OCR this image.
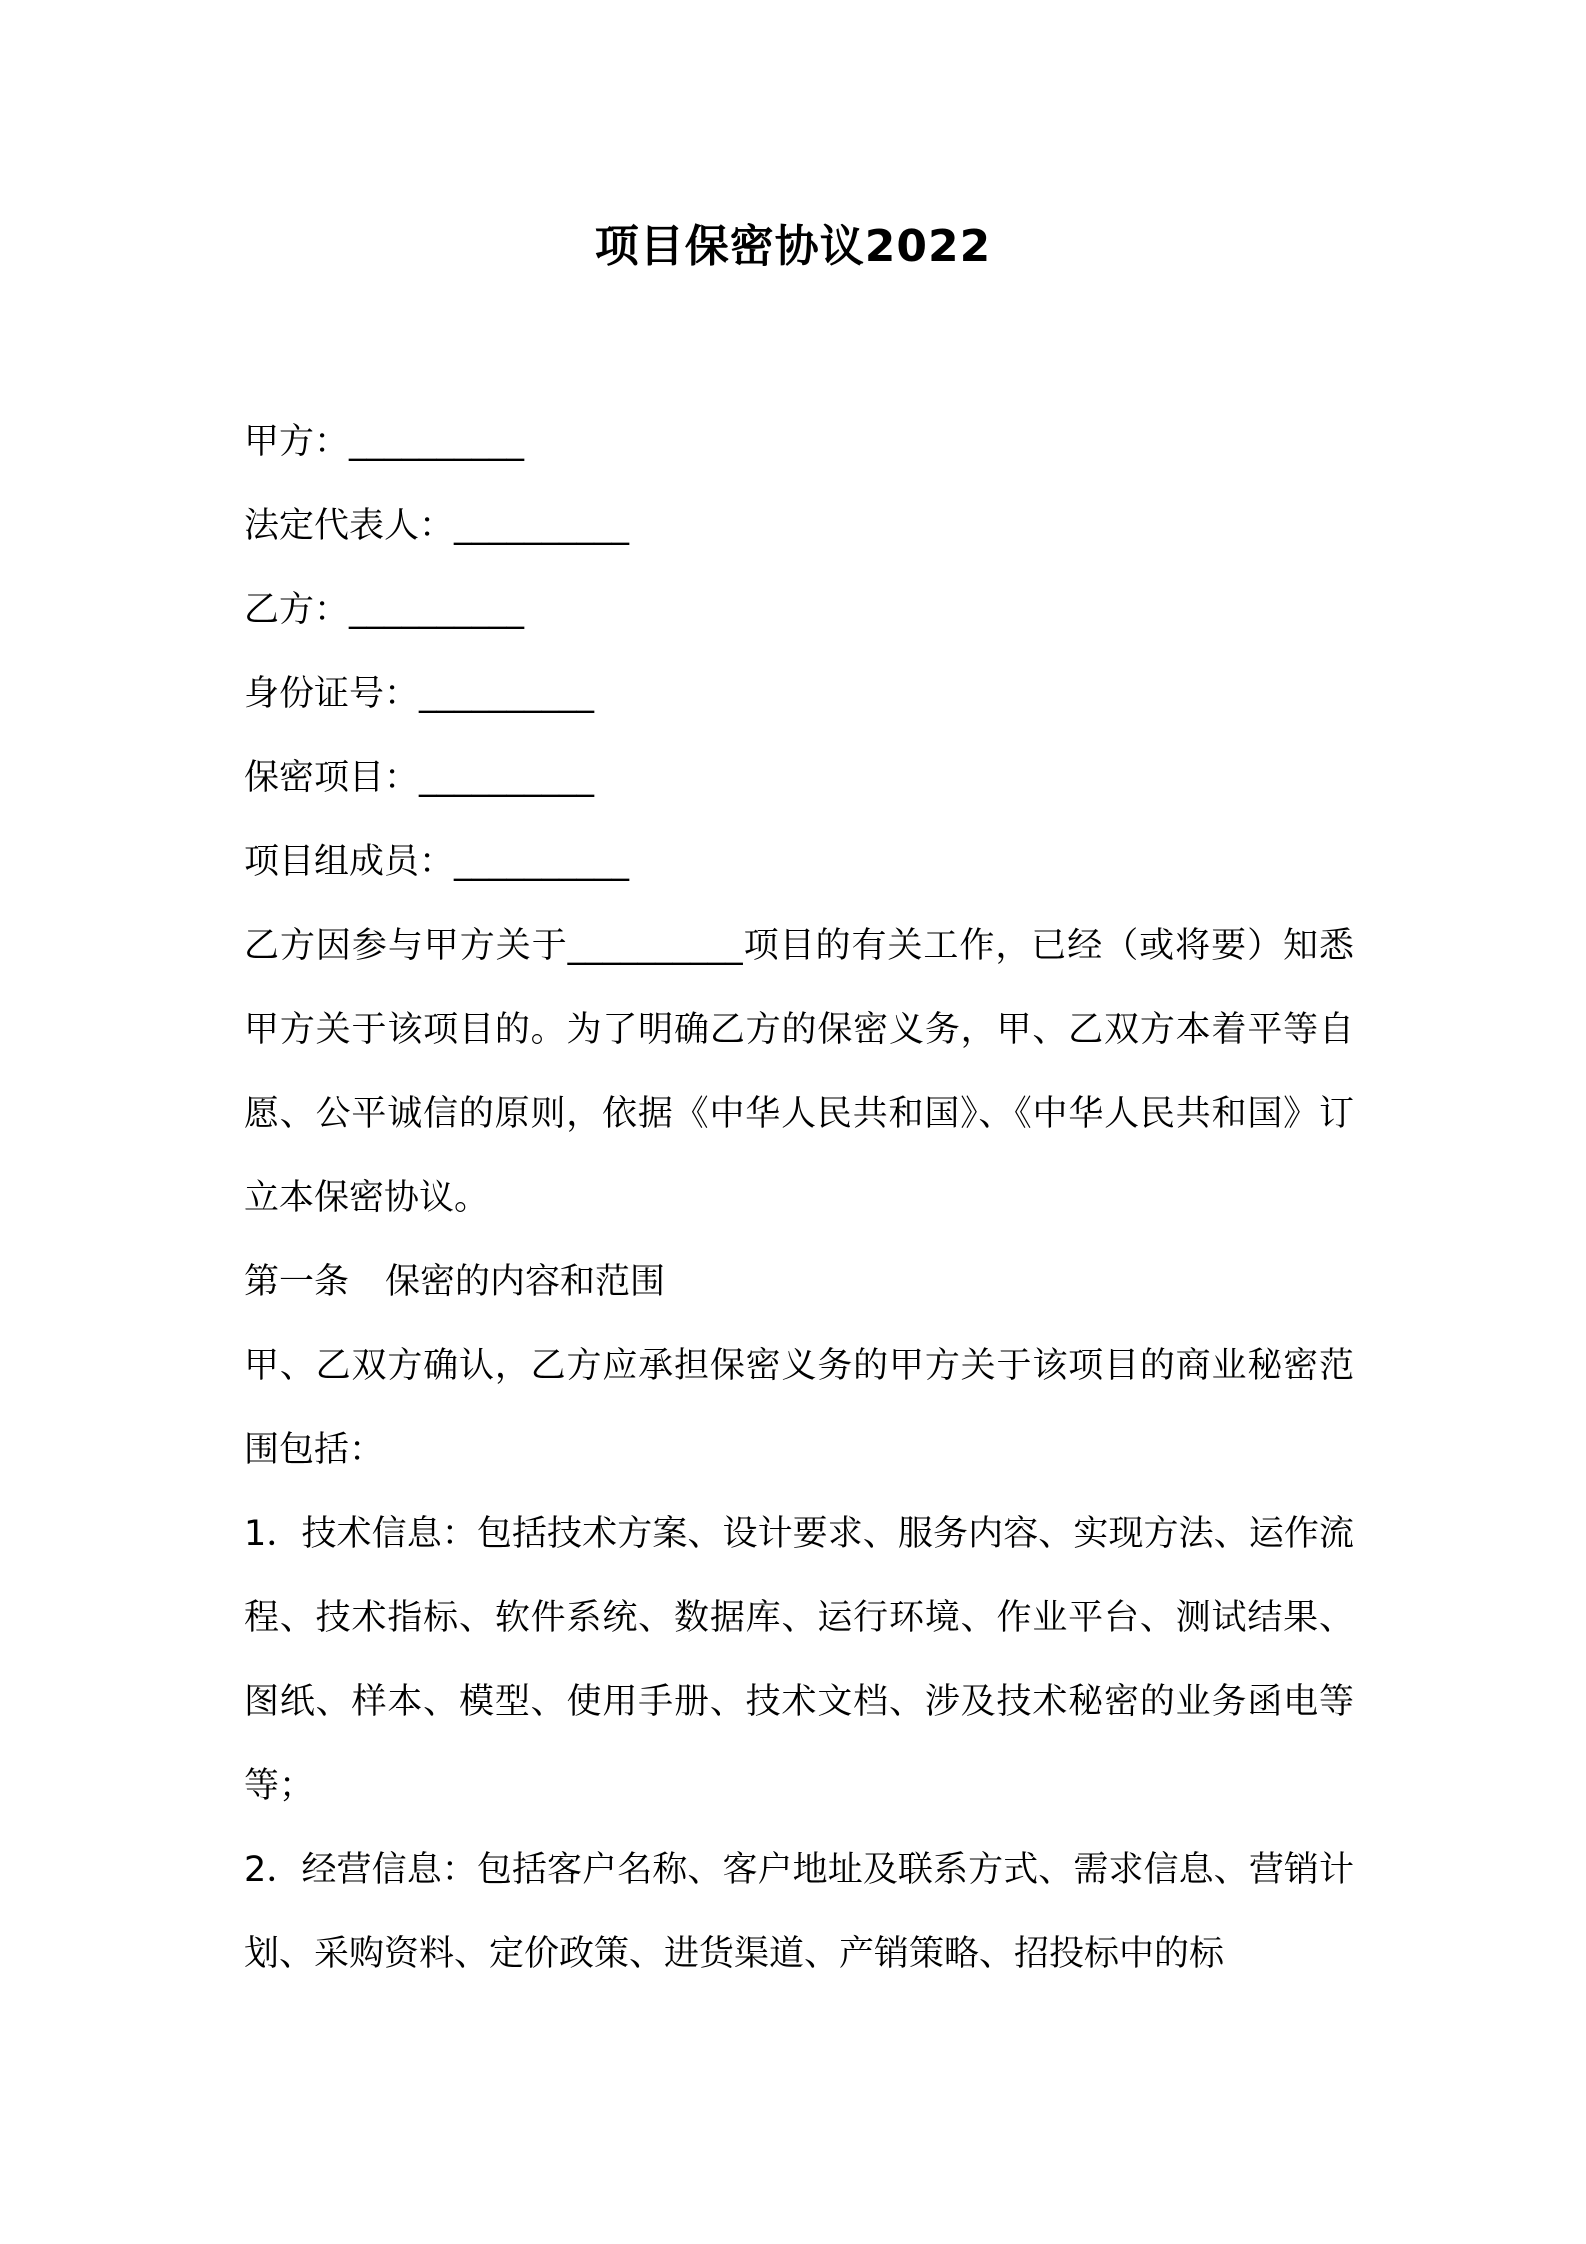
项目保密协议2022
甲方：__________
法定代表人：__________
乙方：__________
身份证号：__________
保密项目：__________
项目组成员：__________

乙方因参与甲方关于__________项目的有关工作，已经（或将要）知悉甲方关于该项目的。为了明确乙方的保密义务，甲、乙双方本着平等自愿、公平诚信的原则，依据《中华人民共和国》、《中华人民共和国》订立本保密协议。

第一条 保密的内容和范围

甲、乙双方确认，乙方应承担保密义务的甲方关于该项目的商业秘密范围包括：

1．技术信息：包括技术方案、设计要求、服务内容、实现方法、运作流程、技术指标、软件系统、数据库、运行环境、作业平台、测试结果、图纸、样本、模型、使用手册、技术文档、涉及技术秘密的业务函电等等；

2．经营信息：包括客户名称、客户地址及联系方式、需求信息、营销计划、采购资料、定价政策、进货渠道、产销策略、招投标中的标
